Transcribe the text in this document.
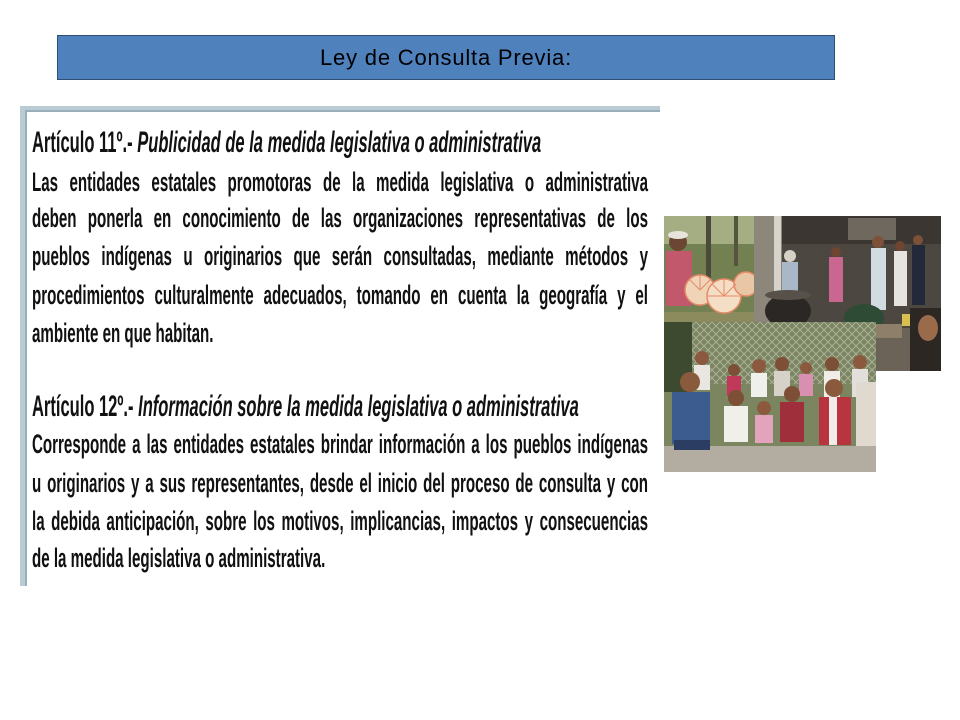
Ley de Consulta Previa:
Artículo 11º.- Publicidad de la medida legislativa o administrativa
Las entidades estatales promotoras de la medida legislativa o administrativa
deben ponerla en conocimiento de las organizaciones representativas de los
pueblos indígenas u originarios que serán consultadas, mediante métodos y
procedimientos culturalmente adecuados, tomando en cuenta la geografía y el
ambiente en que habitan.
Artículo 12º.- Información sobre la medida legislativa o administrativa
Corresponde a las entidades estatales brindar información a los pueblos indígenas
u originarios y a sus representantes, desde el inicio del proceso de consulta y con
la debida anticipación, sobre los motivos, implicancias, impactos y consecuencias
de la medida legislativa o administrativa.
